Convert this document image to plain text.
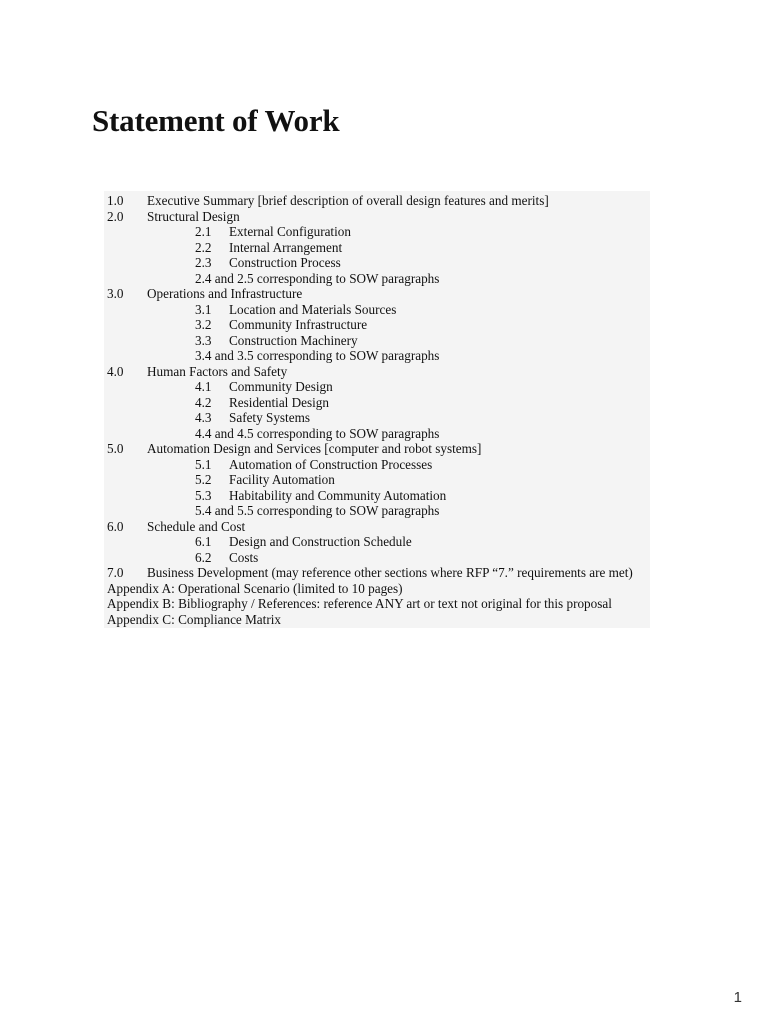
Statement of Work
1.0 Executive Summary [brief description of overall design features and merits]
2.0 Structural Design
2.1 External Configuration
2.2 Internal Arrangement
2.3 Construction Process
2.4 and 2.5 corresponding to SOW paragraphs
3.0 Operations and Infrastructure
3.1 Location and Materials Sources
3.2 Community Infrastructure
3.3 Construction Machinery
3.4 and 3.5 corresponding to SOW paragraphs
4.0 Human Factors and Safety
4.1 Community Design
4.2 Residential Design
4.3 Safety Systems
4.4 and 4.5 corresponding to SOW paragraphs
5.0 Automation Design and Services [computer and robot systems]
5.1 Automation of Construction Processes
5.2 Facility Automation
5.3 Habitability and Community Automation
5.4 and 5.5 corresponding to SOW paragraphs
6.0 Schedule and Cost
6.1 Design and Construction Schedule
6.2 Costs
7.0 Business Development (may reference other sections where RFP “7.” requirements are met)
Appendix A: Operational Scenario (limited to 10 pages)
Appendix B: Bibliography / References: reference ANY art or text not original for this proposal
Appendix C: Compliance Matrix
1
